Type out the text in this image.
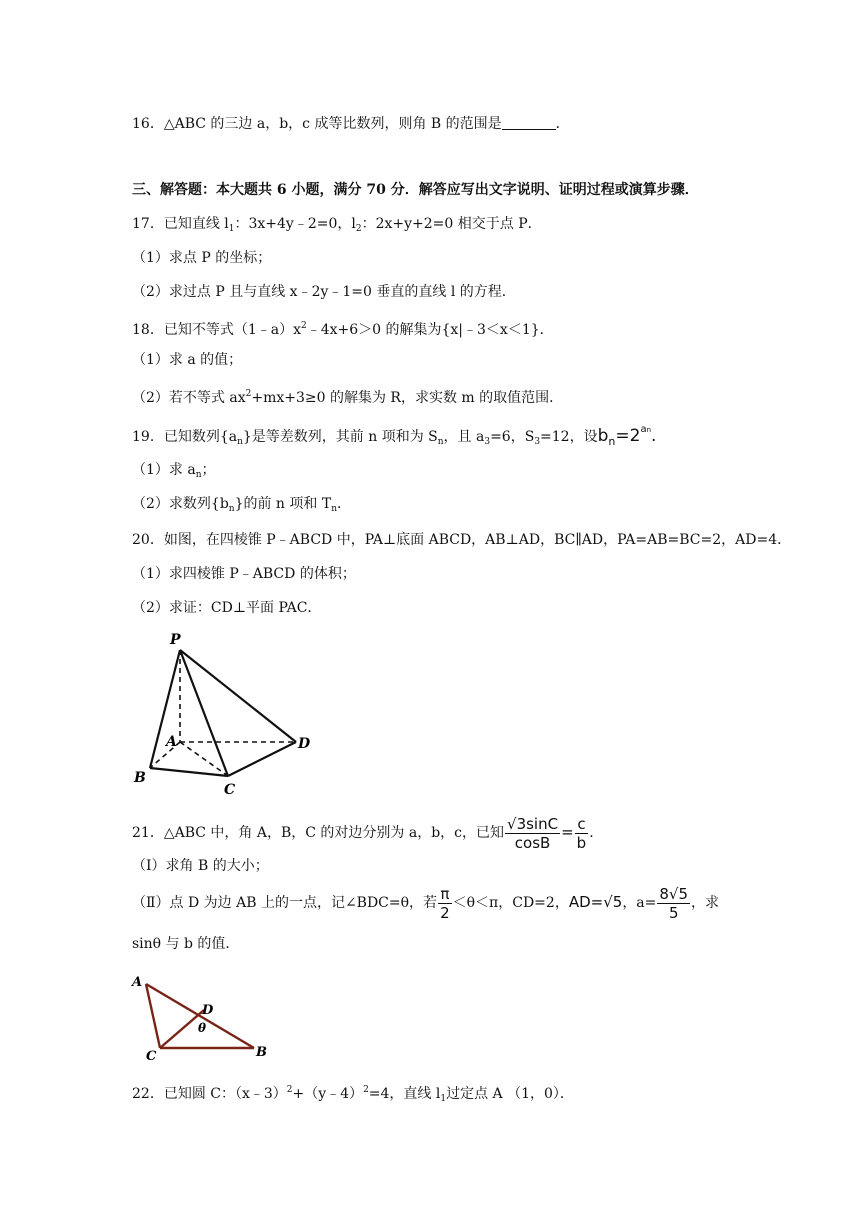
16．△ABC 的三边 a，b，c 成等比数列，则角 B 的范围是	．
三、解答题：本大题共 6 小题，满分 70 分．解答应写出文字说明、证明过程或演算步骤．
17．已知直线 $l_1$：3x+4y﹣2=0，$l_2$：2x+y+2=0 相交于点 P．
（1）求点 P 的坐标；
（2）求过点 P 且与直线 x﹣2y﹣1=0 垂直的直线 l 的方程．
18．已知不等式$(1﹣a)x^2﹣4x+6>0$ 的解集为{x|﹣3＜x＜1}．
（1）求 a 的值；
（2）若不等式 $ax^2+mx+3\ge 0$ 的解集为 R，求实数 m 的取值范围．
19．已知数列$\{a_n\}$是等差数列，其前 n 项和为 $S_n$，且 $a_3=6$，$S_3=12$，设$b_n=2^{an}$.
（1）求 $a_n$；
（2）求数列$\{b_n\}$的前 n 项和 $T_n$．
20．如图，在四棱锥 P﹣ABCD 中，PA⊥底面 ABCD，AB⊥AD，BC∥AD，PA=AB=BC=2，AD=4．
（1）求四棱锥 P﹣ABCD 的体积；
（2）求证：CD⊥平面 PAC．
P
A
B
C
D
21．△ABC 中，角 A，B，C 的对边分别为 a，b，c，已知 $\frac{√3\sin C}{\cos B} = \frac{c}{b}$ .
（Ⅰ）求角 B 的大小；
（Ⅱ）点 D 为边 AB 上的一点，记∠BDC=θ，若 $\frac{\pi}{2} <\theta<\pi$，CD=2，AD=√5，$a= \frac{8√5}{5}$ ，求
sinθ 与 b 的值．
A
D
θ
C	B
22．已知圆 C：（x﹣3）$^2$+（y﹣4）$^2$=4，直线 $l_1$过定点 A （1，0）．
